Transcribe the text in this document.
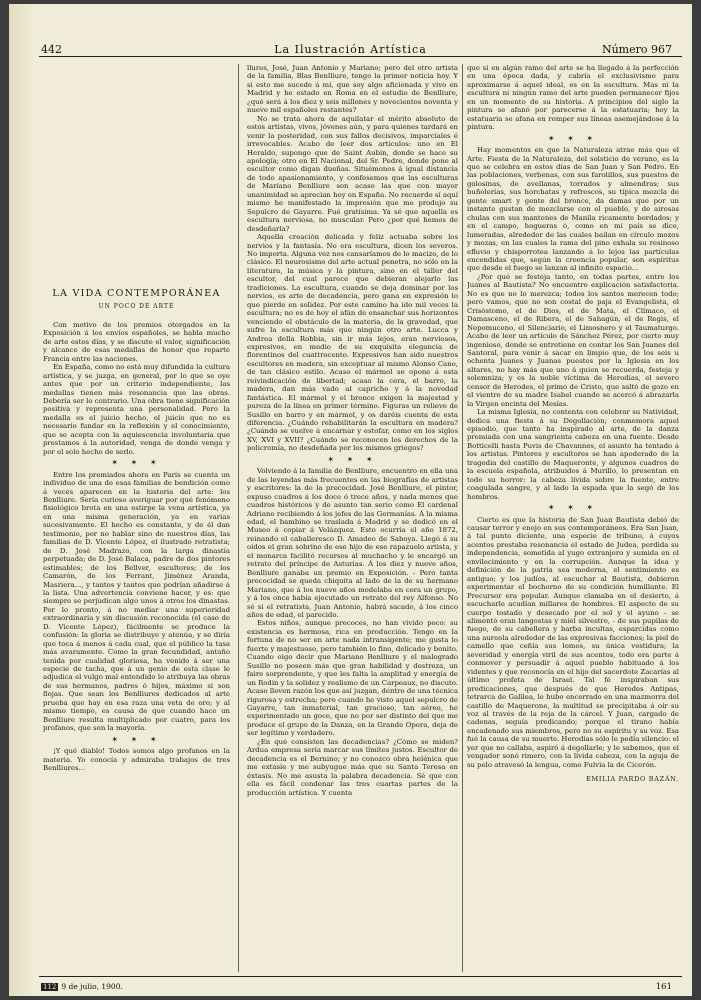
442	La Ilustración Artística	Número 967
LA VIDA CONTEMPORÁNEA
UN POCO DE ARTE

Con motivo de los premios otorgados en la Exposición á los envíos españoles, se habla mucho de arte estos días, y se discute el valor, significación y alcance de esas medallas de honor que reparte Francia entre las naciones.

En España, como no está muy difundida la cultura artística, y se juzga, en general, por lo que se oye antes que por un criterio independiente, las medallas tienen más resonancia que las obras. Debería ser lo contrario. Una obra tiene significación positiva y representa una personalidad. Pero la medalla es el juicio hecho, el juicio que no es necesario fundar en la reflexión y el conocimiento, que se acepta con la aquiescencia involuntaria que prestamos á la autoridad, venga de donde venga y por el solo hecho de serlo.

✶ ✶ ✶

Entre los premiados ahora en París se cuenta un individuo de una de esas familias de bendición como á veces aparecen en la historia del arte: los Benlliure. Sería curioso averiguar por qué fenómeno fisiológico brota en una estirpe la vena artística, ya en una misma generación, ya en varias sucesivamente. El hecho es constante, y de él dan testimonio, por no hablar sino de nuestros días, las familias de D. Vicente López, el ilustrado retratista; de D. José Madrazo, con la larga dinastía perpetuada; de D. José Balaca, padre de dos pintores estimables; de los Bellver, escultores; de los Camarón, de los Ferrant, Jiménez Aranda, Masriera..., y tantos y tantos que podrían añadirse á la lista. Una advertencia conviene hacer, y es: que siempre se perjudican algo unos á otros los dinastas. Por lo pronto, á no mediar una superioridad extraordinaria y sin discusión reconocida (el caso de D. Vicente López), fácilmente se produce la confusión: la gloria se distribuye y atenúa, y se diría que toca á menos á cada cual, que el público la tasa más avaramente. Como la gran fecundidad, antaño tenida por cualidad gloriosa, ha venido á ser una especie de tacha, que á un genio de esta clase le adjudica el vulgo mal entendido lo atribuya las obras de sus hermanos, padres ó hijos, máximo si son flojas. Que sean los Benlliures dedicados al arte prueba que hay en esa raza una veta de oro; y al mismo tiempo, es causa de que cuando hace un Benlliure resulta multiplicado por cuatro, para los profanos, que son la mayoría.

✶ ✶ ✶

¡Y qué diablo! Todos somos algo profanos en la materia. Yo conocía y admiraba trabajos de tres Benlliures...

llures, José, Juan Antonio y Mariano; pero del otro artista de la familia, Blas Benlliure, tengo la primer noticia hoy. Y si esto me sucede á mí, que soy algo aficionada y vivo en Madrid y he estado en Roma en el estudio de Benlliure, ¿qué será á los diez y seis millones y novecientos noventa y nueve mil españoles restantes?

No se trata ahora de aquilatar el mérito absoluto de estos artistas, vivos, jóvenes aún, y para quienes tardará en venir la posteridad, con sus fallos decisivos, imparciales é irrevocables. Acabo de leer dos artículos: uno en El Heraldo, supongo que de Saint Aubin, donde se hace su apología; otro en El Nacional, del Sr. Pedre, donde pone al escultor como digan dueñas. Situémonos á igual distancia de todo apasionamiento, y confesemos que las esculturas de Mariano Benlliure son acaso las que con mayor unanimidad se aprecian hoy en España. No recuerdo sí aquí mismo he manifestado la impresión que me produjo su Sepulcro de Gayarre. Fué gratísima. Ya sé que aquella es escultura nerviosa, no muscular. Pero ¿por qué hemos de desdeñarla?

Aquella creación delicada y feliz actuaba sobre los nervios y la fantasía. No era escultura, dicen los severos. No importa. Alguna vez nos cansaríamos de lo macizo, de lo clásico. El neurosismo del arte actual penetra, no sólo en la literatura, la música y la pintura, sino en el taller del escultor, del cual parece que debieran alejarlo las tradiciones. La escultura, cuando se deja dominar por los nervios, es arte de decadencia, pero gana en expresión lo que pierde en solidez. Por este camino ha ido mil veces la escultura; no es de hoy el afán de ensanchar sus horizontes venciendo el obstáculo de la materia, de la gravedad, que sufre la escultura más que ningún otro arte. Lucca y Andrea della Robbia, sin ir más lejos, eran nerviosos, expresivos, en medio de su exquisita elegancia de florentinos del cuattrocento. Expresivos han sido nuestros escultores en madera, sin exceptuar al mismo Alonso Cano, de tan clásico estilo. Acaso el mármol se opone á esta reivindicación de libertad; acaso la cera, el barro, la madera, dan más vado al capricho y á la novedad fantástica. El mármol y el bronce exigen la majestad y pureza de la línea en primer término. Figuras un relieve de Susillo en barro y en mármol, y os daréis cuenta de esta diferencia. ¿Cuándo rehabilitarán la escultura en madera? ¿Cuándo se vuelve á encarnar y estofar, como en los siglos XV, XVI y XVII? ¿Cuándo se reconocen los derechos de la policromía, no desdeñada por los mismos griegos?

✶ ✶ ✶

Volviendo á la familia de Benlliure, encuentro en ella una de las leyendas más frecuentes en las biografías de artistas y escritores: la de la precocidad. José Benlliure, el pintor, expuso cuadros á los doce ó trece años, y nada menos que cuadros históricos y de asunto tan serio como El cardenal Adriano recibiendo á los jefes de las Germanías. Á la misma edad, el bambino se traslada á Madrid y se dedicó en el Museo á copiar á Velázquez. Esto ocurría el año 1872, reinando el caballeresco D. Amadeo de Saboya. Llegó á su oídos el gran sobrino de ese hijo de ese rapazuelo artista, y el monarca facilitó recursos al muchacho y le encargó un retrato del príncipe de Asturias. Á los diez y nueve años, Benlliure ganaba un premio en Exposición. - Pero tanta precocidad se queda chiquita al lado de la de su hermano Mariano, que á los nueve años modelaba en cera un grupo, y á los once había ejecutado un retrato del rey Alfonso. No sé si el retratista, Juan Antonio, habrá sacado, á los cinco años de edad, el parecido.

Estos niños, aunque precoces, no han vivido poco: su existencia es hermosa, rica en producción. Tengo en la fortuna de no ser en arte nada intransigente; me gusta lo fuerte y majestuoso, pero también lo fino, delicado y bonito. Cuando oigo decir que Mariano Benlliure y el malogrado Susillo no poseen más que gran habilidad y destreza, un faire sorprendente, y que les falta la amplitud y energía de un Rodin y la solidez y realismo de un Carpeaux, no discuto. Acaso lleven razón los que así juzgan, dentro de una técnica rigurosa y estrecha; pero cuando he visto aquel sepulcro de Gayarre, tan inmaterial, tan gracioso, tan aéreo, he experimentado un goce, que no por ser distinto del que me produce el grupo de la Danza, en la Grande Opera, deja de ser legítimo y verdadero.

¿En qué consisten las decadencias? ¿Cómo se miden? Ardua empresa sería marcar sus límites justos. Escultor de decadencia es el Bernino; y no conozco obra helénica que me extasíe y me subyugue más que su Santa Teresa en éxtasis. No me asusta la palabra decadencia. Sé que con ella es fácil condenar las tres cuartas partes de la producción artística. Y cuenta

que si en algún ramo del arte se ha llegado á la perfección en una época dada, y cabría el exclusivismo para aproximarse á aquel ideal, es en la escultura. Mas ni la escultura ni ningún ramo del arte pueden permanecer fijos en un momento de su historia. A principios del siglo la pintura se afanó por parecerse á la estatuaria; hoy la estatuaria se afana en romper sus líneas asemejándose á la pintura.

✶ ✶ ✶

Hay momentos en que la Naturaleza atrae más que el Arte. Fiesta de la Naturaleza, del solsticio de verano, es la que se celebra en estos días de San Juan y San Pedro. En las poblaciones, verbenas, con sus farolillos, sus puestos de golosinas, de avellanas, torrados y almendras; sus buñolerías, sus horchatas y refrescos, su típica mezcla de gente smart y gente del bronce, da damas que por un instante gustan de mezclarse con el pueblo, y de airosas chulas con sus mantones de Manila ricamente bordados; y en el campo, hogueras ó, como en mi país se dice, lumeradas, alrededor de las cuales bailan en círculo mozos y mozas, en las cuales la rama del pino exhala su resinoso efluvio y chisporrotea lanzando á lo lejos las partículas encendidas que, según la creencia popular, son espíritus que desde el fuego se lanzan al infinito espacio...

¿Por qué se festeja tanto, en todas partes, entre los Juanes al Bautista? No encuentro explicación satisfactoria. No es que no lo merezca; todos los santos merecen todo; pero vamos, que no son costal de paja el Evangelista, el Crisóstomo, el de Dios, el de Mata, el Clímaco, el Damasceno, el de Ribera, el de Sahagún, el de Regis, el Nepomuceno, el Silenciario, el Limosnero y el Taumaturgo. Acabo de leer un artículo de Sánchez Pérez, por cierto muy ingenioso, donde se entretiene en contar los San Juanes del Santoral, para venir á sacar en limpio que, de los seis u ochenta Juanes y Juanas puestos por la Iglesia en los altares, no hay más que uno á quien se recuerda, festeja y solemniza; y es la noble víctima de Herodías, el severo censor de Herodes, el primo de Cristo, que saltó de gozo en el vientre de su madre Isabel cuando se acercó á abrazarla la Virgen encinta del Mesías.

La misma Iglesia, no contenta con celebrar su Natividad, dedica una fiesta á su Degollación; conmemora aquel episodio, que tanto ha inspirado al arte, de la danza premiada con una sangrienta cabeza en una fuente. Desde Botticelli hasta Puvis de Chavannes, el asunto ha tentado á los artistas. Pintores y escultores se han apoderado de la tragedia del castillo de Maqueronte, y algunos cuadros de la escuela española, atribuidos á Murillo, lo presentan en todo su horror: la cabeza lívida sobre la fuente, entre coagulada sangre, y al lado la espada que la segó de los hombros.

✶ ✶ ✶

Cierto es que la historia de San Juan Bautista debió de causar terror y enojo en sus contemporáneos. Era San Juan, á tal punto diciente, una especie de tribuno, á cuyos acentos prestaba resonancia el estado de Judea, perdida su independencia, sometida al yugo extranjero y sumida en el envilecimiento y en la corrupción. Aunque la idea y definición de la patria sea moderna, el sentimiento es antiguo; y los judíos, al escuchar al Bautista, debieron experimentar el bochorno de su condición humillante. El Precursor era popular. Aunque clamaba en el desierto, á escucharle acudían millares de hombres. El aspecto de su cuerpo tostado y desecado por el sol y el ayuno - se alimentó eran langostas y miel silvestre, - de sus pupilas de fuego, de su cabellera y barba incultas, esparcidas como una aureola alrededor de las expresivas facciones; la piel de camello que ceñía sus lomos, su única vestidura; la severidad y energía viril de sus acentos, todo era parte á conmover y persuadir á aquel pueblo habituado á los videntes y que reconocía en el hijo del sacerdote Zacarías al último profeta de Israel. Tal fé inspiraban sus predicaciones, que después de que Herodes Antipas, tetrarca de Galilea, le hubo encerrado en una mazmorra del castillo de Maquerone, la multitud se precipitaba á oír su voz al través de la reja de la cárcel. Y Juan, cargado de cadenas, seguía predicando; porque el tirano había encadenado sus miembros, pero no su espíritu y su voz. Esa fué la causa de su muerte. Herodías sólo le pedía silencio: el yer que no callaba, aspiró á degollarle; y le sabemos, que el vengador sonó rimero, con la lívida cabeza, con la aguja de su pelo atravesó la lengua, como Fulvia la de Cicerón.

EMILIA PARDO BAZÁN.
112 9 de julio, 1900.	161
